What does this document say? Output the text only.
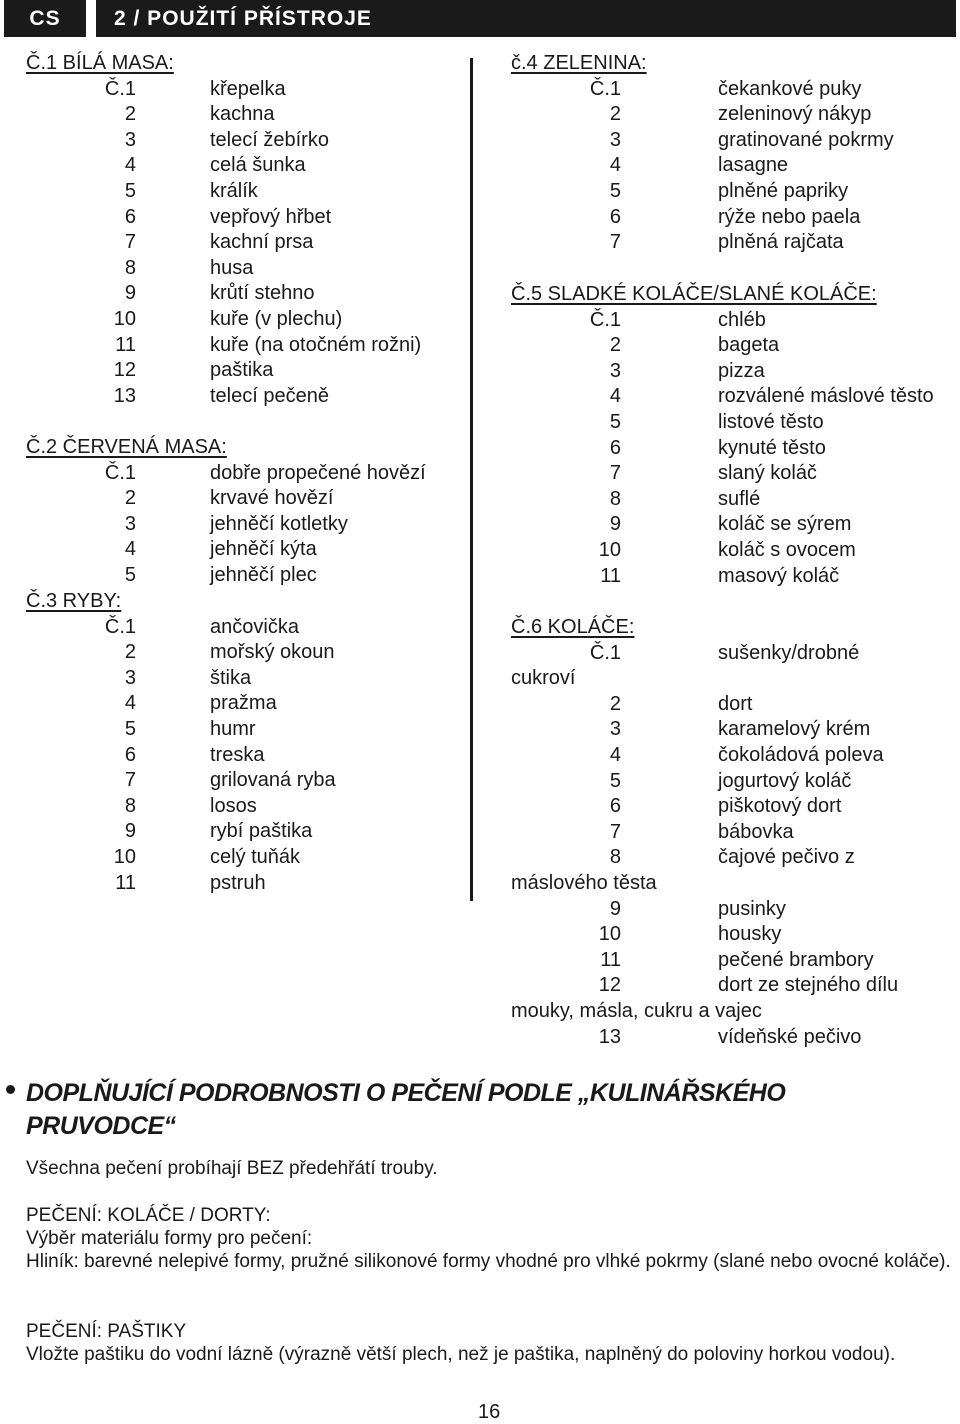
CS	2 / POUŽITÍ PŘÍSTROJE
Č.1 BÍLÁ MASA:
Č.1	křepelka
2	kachna
3	telecí žebírko
4	celá šunka
5	králík
6	vepřový hřbet
7	kachní prsa
8	husa
9	krůtí stehno
10	kuře (v plechu)
11	kuře (na otočném rožni)
12	paštika
13	telecí pečeně
Č.2 ČERVENÁ MASA:
Č.1	dobře propečené hovězí
2	krvavé hovězí
3	jehněčí kotletky
4	jehněčí kýta
5	jehněčí plec
Č.3 RYBY:
Č.1	ančovička
2	mořský okoun
3	štika
4	pražma
5	humr
6	treska
7	grilovaná ryba
8	losos
9	rybí paštika
10	celý tuňák
11	pstruh
č.4 ZELENINA:
Č.1	čekankové puky
2	zeleninový nákyp
3	gratinované pokrmy
4	lasagne
5	plněné papriky
6	rýže nebo paela
7	plněná rajčata
Č.5 SLADKÉ KOLÁČE/SLANÉ KOLÁČE:
Č.1	chléb
2	bageta
3	pizza
4	rozválené máslové těsto
5	listové těsto
6	kynuté těsto
7	slaný koláč
8	suflé
9	koláč se sýrem
10	koláč s ovocem
11	masový koláč
Č.6 KOLÁČE:
Č.1	sušenky/drobné
cukroví
2	dort
3	karamelový krém
4	čokoládová poleva
5	jogurtový koláč
6	piškotový dort
7	bábovka
8	čajové pečivo z
máslového těsta
9	pusinky
10	housky
11	pečené brambory
12	dort ze stejného dílu
mouky, másla, cukru a vajec
13	vídeňské pečivo
DOPLŇUJÍCÍ PODROBNOSTI O PEČENÍ PODLE „KULINÁŘSKÉHO PRUVODCE“
Všechna pečení probíhají BEZ předehřátí trouby.
PEČENÍ: KOLÁČE / DORTY:
Výběr materiálu formy pro pečení:
Hliník: barevné nelepivé formy, pružné silikonové formy vhodné pro vlhké pokrmy (slané nebo ovocné koláče).
PEČENÍ: PAŠTIKY
Vložte paštiku do vodní lázně (výrazně větší plech, než je paštika, naplněný do poloviny horkou vodou).
16
